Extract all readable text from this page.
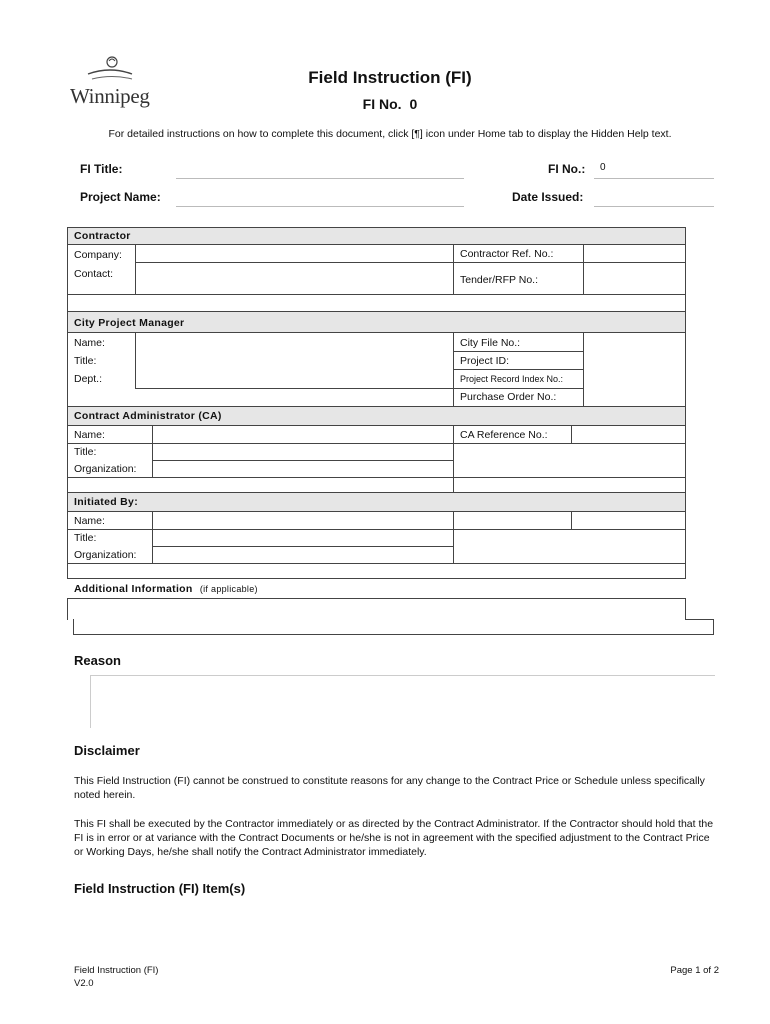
Winnipeg
Field Instruction (FI)
FI No. 0
For detailed instructions on how to complete this document, click [¶] icon under Home tab to display the Hidden Help text.
FI Title:	FI No.: 0
Project Name:	Date Issued:
Contractor
Company:
Contact:
Contractor Ref. No.:
Tender/RFP No.:
City Project Manager
Name:
Title:
Dept.:
City File No.:
Project ID:
Project Record Index No.:
Purchase Order No.:
Contract Administrator (CA)
Name:
Title:
Organization:
CA Reference No.:
Initiated By:
Name:
Title:
Organization:
Additional Information (if applicable)
Reason
Disclaimer
This Field Instruction (FI) cannot be construed to constitute reasons for any change to the Contract Price or Schedule unless specifically noted herein.
This FI shall be executed by the Contractor immediately or as directed by the Contract Administrator. If the Contractor should hold that the FI is in error or at variance with the Contract Documents or he/she is not in agreement with the specified adjustment to the Contract Price or Working Days, he/she shall notify the Contract Administrator immediately.
Field Instruction (FI) Item(s)
Field Instruction (FI)
V2.0
Page 1 of 2
